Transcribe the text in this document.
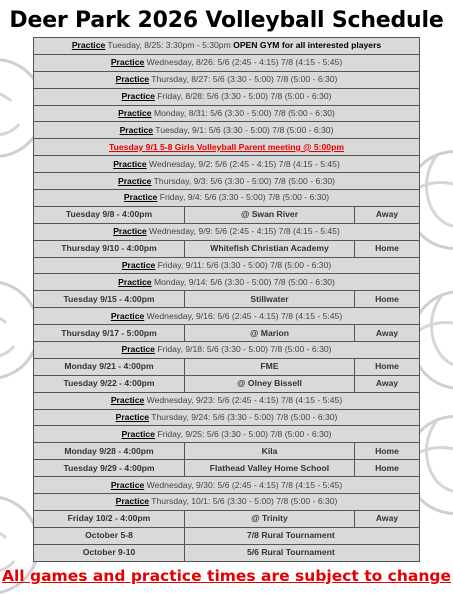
Deer Park 2026 Volleyball Schedule
Practice Tuesday, 8/25: 3:30pm - 5:30pm OPEN GYM for all interested players		
Practice Wednesday, 8/26: 5/6 (2:45 - 4:15) 7/8 (4:15 - 5:45)		
Practice Thursday, 8/27: 5/6 (3:30 - 5:00) 7/8 (5:00 - 6:30)		
Practice Friday, 8/28: 5/6 (3:30 - 5:00) 7/8 (5:00 - 6:30)		
Practice Monday, 8/31: 5/6 (3:30 - 5:00) 7/8 (5:00 - 6:30)		
Practice Tuesday, 9/1: 5/6 (3:30 - 5:00) 7/8 (5:00 - 6:30)		
Tuesday 9/1 5-8 Girls Volleyball Parent meeting @ 5:00pm		
Practice Wednesday, 9/2: 5/6 (2:45 - 4:15) 7/8 (4:15 - 5:45)		
Practice Thursday, 9/3: 5/6 (3:30 - 5:00) 7/8 (5:00 - 6:30)		
Practice Friday, 9/4: 5/6 (3:30 - 5:00) 7/8 (5:00 - 6:30)		
Tuesday 9/8 - 4:00pm	@ Swan River	Away
Practice Wednesday, 9/9: 5/6 (2:45 - 4:15) 7/8 (4:15 - 5:45)		
Thursday 9/10 - 4:00pm	Whitefish Christian Academy	Home
Practice Friday, 9/11: 5/6 (3:30 - 5:00) 7/8 (5:00 - 6:30)		
Practice Monday, 9/14: 5/6 (3:30 - 5:00) 7/8 (5:00 - 6:30)		
Tuesday 9/15 - 4:00pm	Stillwater	Home
Practice Wednesday, 9/16: 5/6 (2:45 - 4:15) 7/8 (4:15 - 5:45)		
Thursday 9/17 - 5:00pm	@ Marion	Away
Practice Friday, 9/18: 5/6 (3:30 - 5:00) 7/8 (5:00 - 6:30)		
Monday 9/21 - 4:00pm	FME	Home
Tuesday 9/22 - 4:00pm	@ Olney Bissell	Away
Practice Wednesday, 9/23: 5/6 (2:45 - 4:15) 7/8 (4:15 - 5:45)		
Practice Thursday, 9/24: 5/6 (3:30 - 5:00) 7/8 (5:00 - 6:30)		
Practice Friday, 9/25: 5/6 (3:30 - 5:00) 7/8 (5:00 - 6:30)		
Monday 9/28 - 4:00pm	Kila	Home
Tuesday 9/29 - 4:00pm	Flathead Valley Home School	Home
Practice Wednesday, 9/30: 5/6 (2:45 - 4:15) 7/8 (4:15 - 5:45)		
Practice Thursday, 10/1: 5/6 (3:30 - 5:00) 7/8 (5:00 - 6:30)		
Friday 10/2 - 4:00pm	@ Trinity	Away
October 5-8	7/8 Rural Tournament	
October 9-10	5/6 Rural Tournament	
All games and practice times are subject to change
